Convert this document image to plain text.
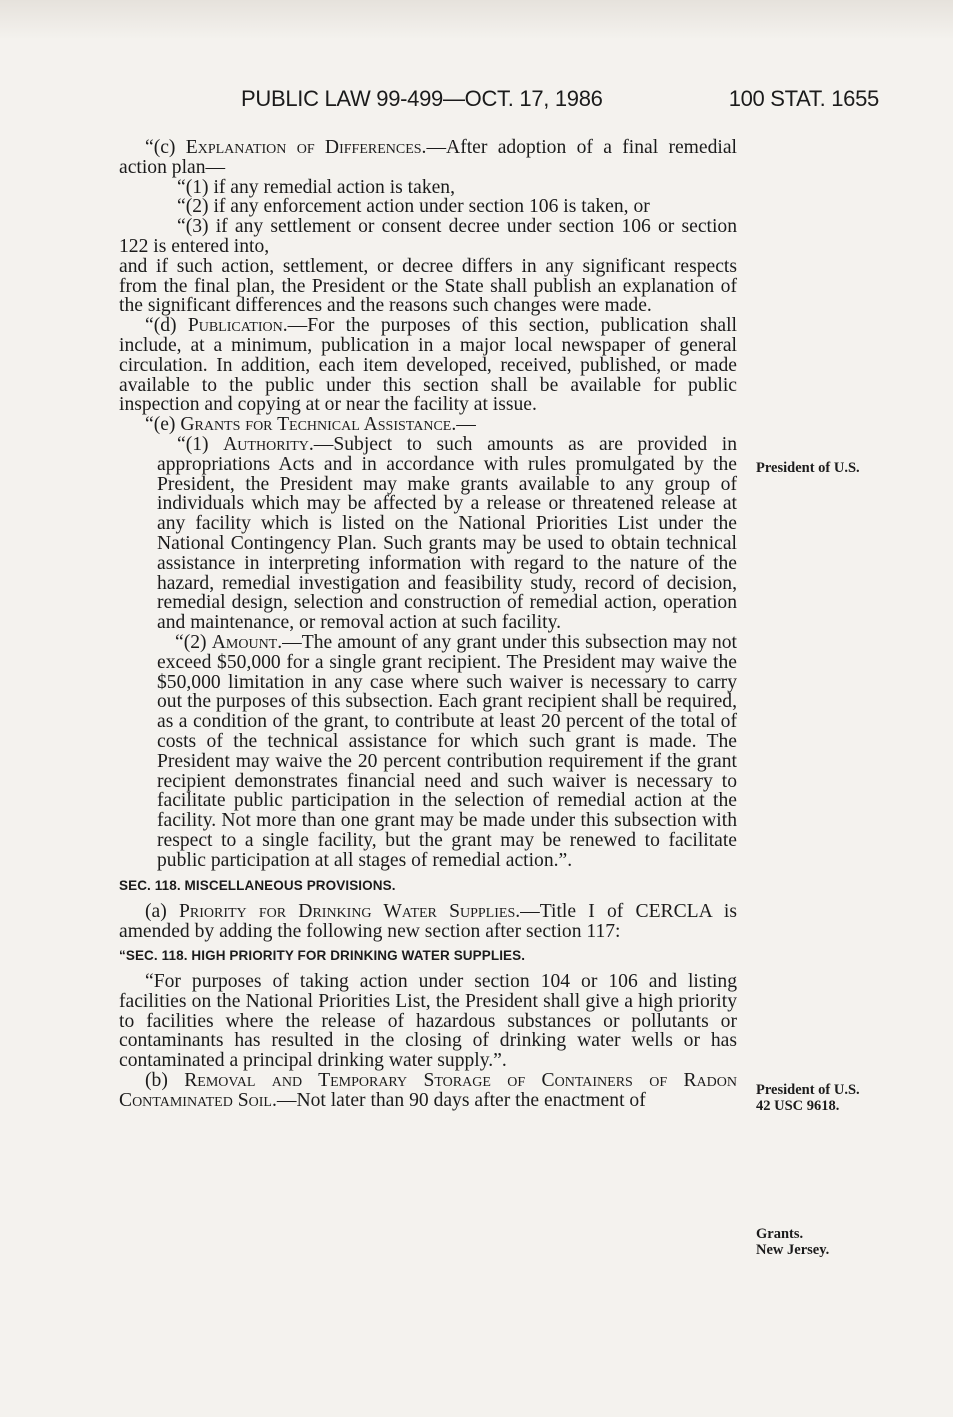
PUBLIC LAW 99-499—OCT. 17, 1986	100 STAT. 1655

“(c) Explanation of Differences.—After adoption of a final remedial action plan—

“(1) if any remedial action is taken,

“(2) if any enforcement action under section 106 is taken, or

“(3) if any settlement or consent decree under section 106 or section 122 is entered into,

and if such action, settlement, or decree differs in any significant respects from the final plan, the President or the State shall publish an explanation of the significant differences and the reasons such changes were made.

“(d) Publication.—For the purposes of this section, publication shall include, at a minimum, publication in a major local newspaper of general circulation. In addition, each item developed, received, published, or made available to the public under this section shall be available for public inspection and copying at or near the facility at issue.

“(e) Grants for Technical Assistance.—

“(1) Authority.—Subject to such amounts as are provided in appropriations Acts and in accordance with rules promulgated by the President, the President may make grants available to any group of individuals which may be affected by a release or threatened release at any facility which is listed on the National Priorities List under the National Contingency Plan. Such grants may be used to obtain technical assistance in interpreting information with regard to the nature of the hazard, remedial investigation and feasibility study, record of decision, remedial design, selection and construction of remedial action, operation and maintenance, or removal action at such facility.

“(2) Amount.—The amount of any grant under this subsection may not exceed $50,000 for a single grant recipient. The President may waive the $50,000 limitation in any case where such waiver is necessary to carry out the purposes of this subsection. Each grant recipient shall be required, as a condition of the grant, to contribute at least 20 percent of the total of costs of the technical assistance for which such grant is made. The President may waive the 20 percent contribution requirement if the grant recipient demonstrates financial need and such waiver is necessary to facilitate public participation in the selection of remedial action at the facility. Not more than one grant may be made under this subsection with respect to a single facility, but the grant may be renewed to facilitate public participation at all stages of remedial action.”.

SEC. 118. MISCELLANEOUS PROVISIONS.

(a) Priority for Drinking Water Supplies.—Title I of CERCLA is amended by adding the following new section after section 117:

“SEC. 118. HIGH PRIORITY FOR DRINKING WATER SUPPLIES.

“For purposes of taking action under section 104 or 106 and listing facilities on the National Priorities List, the President shall give a high priority to facilities where the release of hazardous substances or pollutants or contaminants has resulted in the closing of drinking water wells or has contaminated a principal drinking water supply.”.

(b) Removal and Temporary Storage of Containers of Radon Contaminated Soil.—Not later than 90 days after the enactment of

President of U.S.
President of U.S.
42 USC 9618.
Grants.
New Jersey.
